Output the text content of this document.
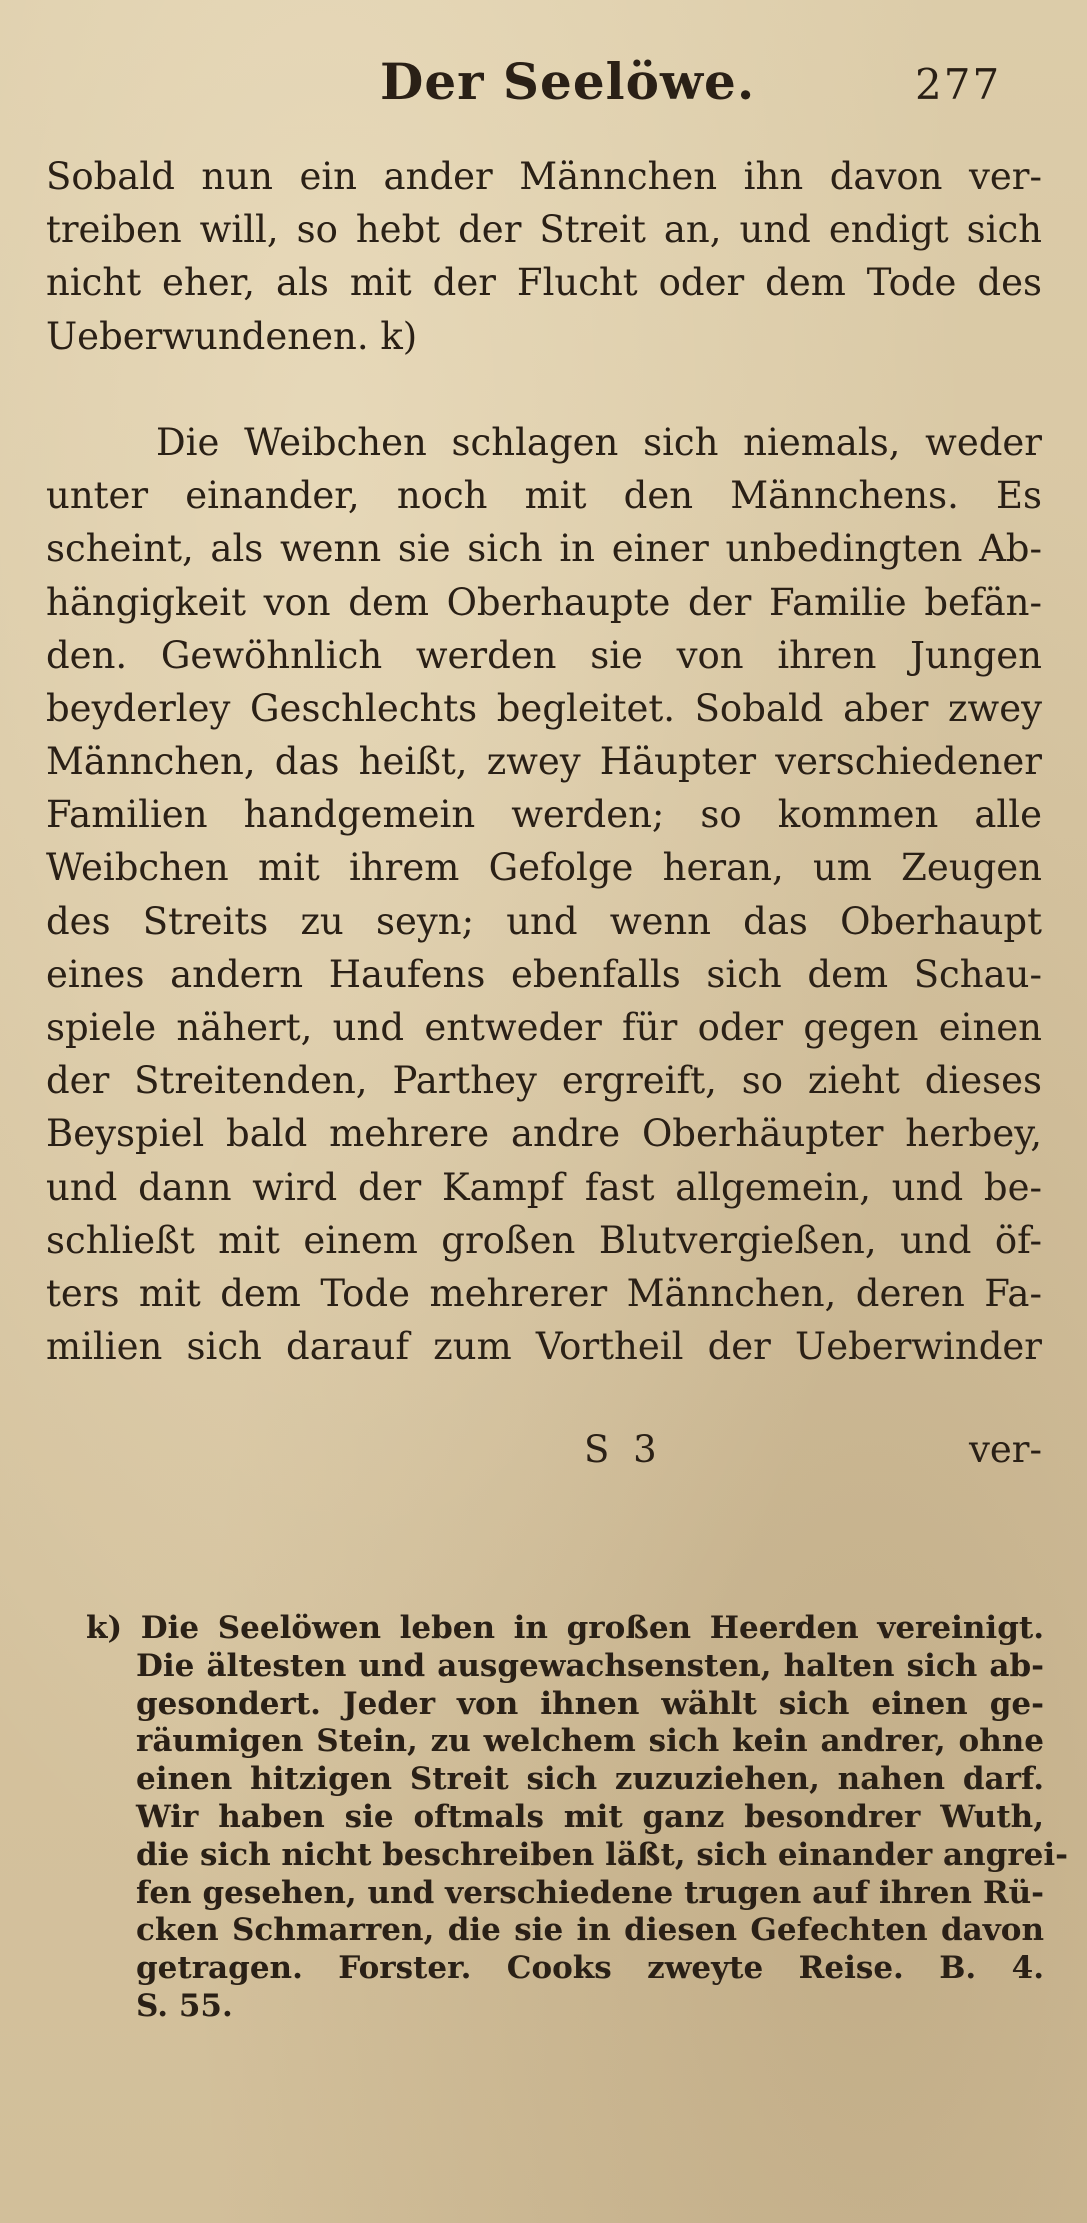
Der Seelöwe.	277
Sobald nun ein ander Männchen ihn davon ver-
treiben will, so hebt der Streit an, und endigt sich
nicht eher, als mit der Flucht oder dem Tode des
Ueberwundenen. k)
Die Weibchen schlagen sich niemals, weder
unter einander, noch mit den Männchens. Es
scheint, als wenn sie sich in einer unbedingten Ab-
hängigkeit von dem Oberhaupte der Familie befän-
den. Gewöhnlich werden sie von ihren Jungen
beyderley Geschlechts begleitet. Sobald aber zwey
Männchen, das heißt, zwey Häupter verschiedener
Familien handgemein werden; so kommen alle
Weibchen mit ihrem Gefolge heran, um Zeugen
des Streits zu seyn; und wenn das Oberhaupt
eines andern Haufens ebenfalls sich dem Schau-
spiele nähert, und entweder für oder gegen einen
der Streitenden, Parthey ergreift, so zieht dieses
Beyspiel bald mehrere andre Oberhäupter herbey,
und dann wird der Kampf fast allgemein, und be-
schließt mit einem großen Blutvergießen, und öf-
ters mit dem Tode mehrerer Männchen, deren Fa-
milien sich darauf zum Vortheil der Ueberwinder
S 3	ver-
k) Die Seelöwen leben in großen Heerden vereinigt.
Die ältesten und ausgewachsensten, halten sich ab-
gesondert. Jeder von ihnen wählt sich einen ge-
räumigen Stein, zu welchem sich kein andrer, ohne
einen hitzigen Streit sich zuzuziehen, nahen darf.
Wir haben sie oftmals mit ganz besondrer Wuth,
die sich nicht beschreiben läßt, sich einander angrei-
fen gesehen, und verschiedene trugen auf ihren Rü-
cken Schmarren, die sie in diesen Gefechten davon
getragen. Forster. Cooks zweyte Reise. B. 4.
S. 55.
